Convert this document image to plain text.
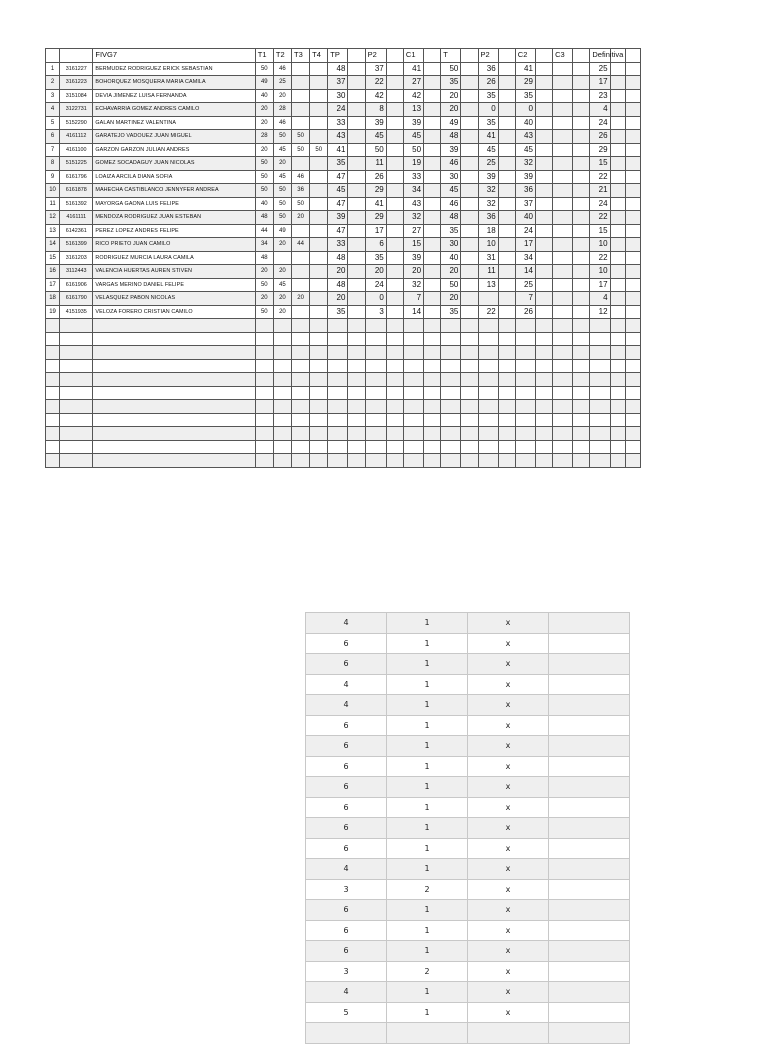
		FIVG7	T1	T2	T3	T4	TP		P2		C1		T		P2		C2		C3		Definitiva		
1	3161227	BERMUDEZ RODRIGUEZ ERICK SEBASTIAN	50	46			48		37		41		50		36		41				25		
2	3161223	BOHORQUEZ MOSQUERA MARIA CAMILA	49	25			37		22		27		35		26		29				17		
3	3151084	DEVIA JIMENEZ LUISA FERNANDA	40	20			30		42		42		20		35		35				23		
4	3122731	ECHAVARRIA GOMEZ ANDRES CAMILO	20	28			24		8		13		20		0		0				4		
5	5152290	GALAN MARTINEZ VALENTINA	20	46			33		39		39		49		35		40				24		
6	4161112	GARATEJO VADOUEZ JUAN MIGUEL	28	50	50		43		45		45		48		41		43				26		
7	4161100	GARZON GARZON JULIAN ANDRES	20	45	50	50	41		50		50		39		45		45				29		
8	5151225	GOMEZ SOCADAGUY JUAN NICOLAS	50	20			35		11		19		46		25		32				15		
9	6161796	LOAIZA ARCILA DIANA SOFIA	50	45	46		47		26		33		30		39		39				22		
10	6161878	MAHECHA CASTIBLANCO JENNYFER ANDREA	50	50	36		45		29		34		45		32		36				21		
11	5161392	MAYORGA GAONA LUIS FELIPE	40	50	50		47		41		43		46		32		37				24		
12	4161111	MENDOZA RODRIGUEZ JUAN ESTEBAN	48	50	20		39		29		32		48		36		40				22		
13	6142361	PEREZ LOPEZ ANDRES FELIPE	44	49			47		17		27		35		18		24				15		
14	5161399	RICO PRIETO JUAN CAMILO	34	20	44		33		6		15		30		10		17				10		
15	3161203	RODRIGUEZ MURCIA LAURA CAMILA	48				48		35		39		40		31		34				22		
16	3112443	VALENCIA HUERTAS AUREN STIVEN	20	20			20		20		20		20		11		14				10		
17	6161906	VARGAS MERINO DANIEL FELIPE	50	45			48		24		32		50		13		25				17		
18	6161790	VELASQUEZ PABON NICOLAS	20	20	20		20		0		7		20				7				4		
19	4151935	VELOZA FORERO CRISTIAN CAMILO	50	20			35		3		14		35		22		26				12		

4	1	x	
6	1	x	
6	1	x	
4	1	x	
4	1	x	
6	1	x	
6	1	x	
6	1	x	
6	1	x	
6	1	x	
6	1	x	
6	1	x	
4	1	x	
3	2	x	
6	1	x	
6	1	x	
6	1	x	
3	2	x	
4	1	x	
5	1	x	
